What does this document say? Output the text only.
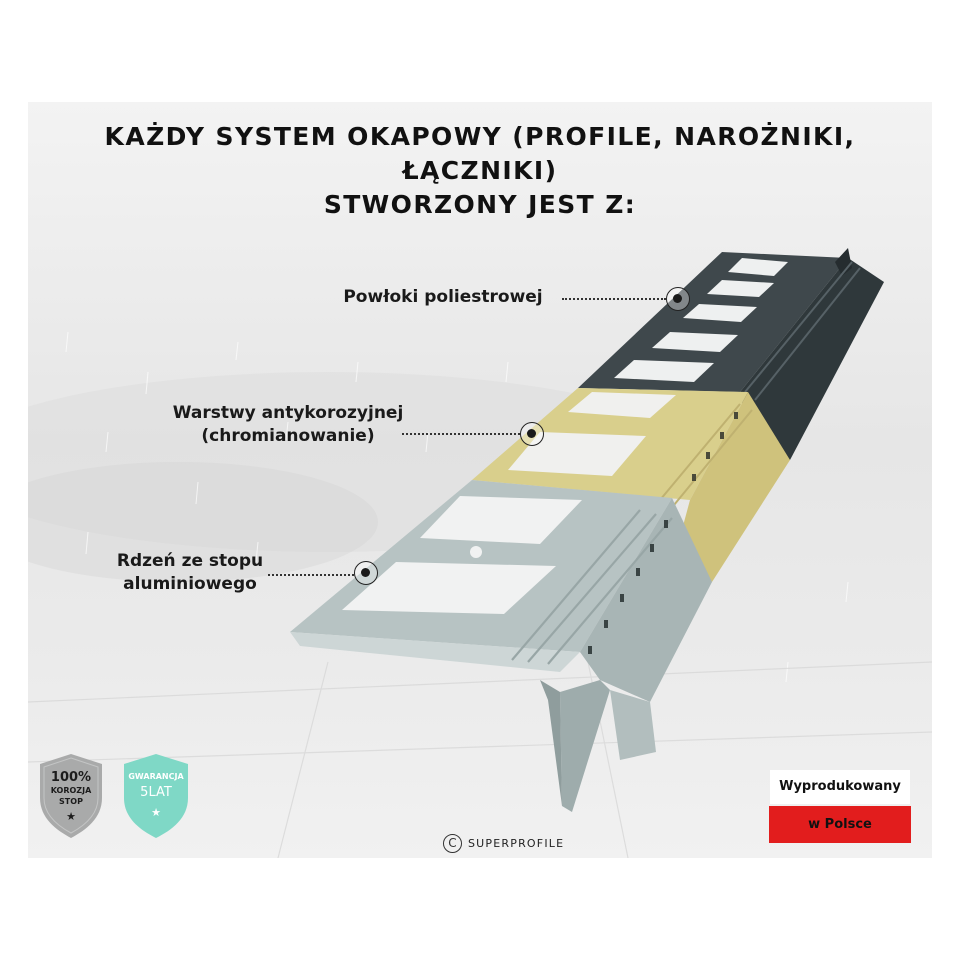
KAŻDY SYSTEM OKAPOWY (PROFILE, NAROŻNIKI, ŁĄCZNIKI)
STWORZONY JEST Z:
Powłoki poliestrowej
Warstwy antykorozyjnej
(chromianowanie)
Rdzeń ze stopu
aluminiowego
100%
KOROZJA
STOP
★
GWARANCJA
5LAT
★
Wyprodukowany
w Polsce
C	SUPERPROFILE
